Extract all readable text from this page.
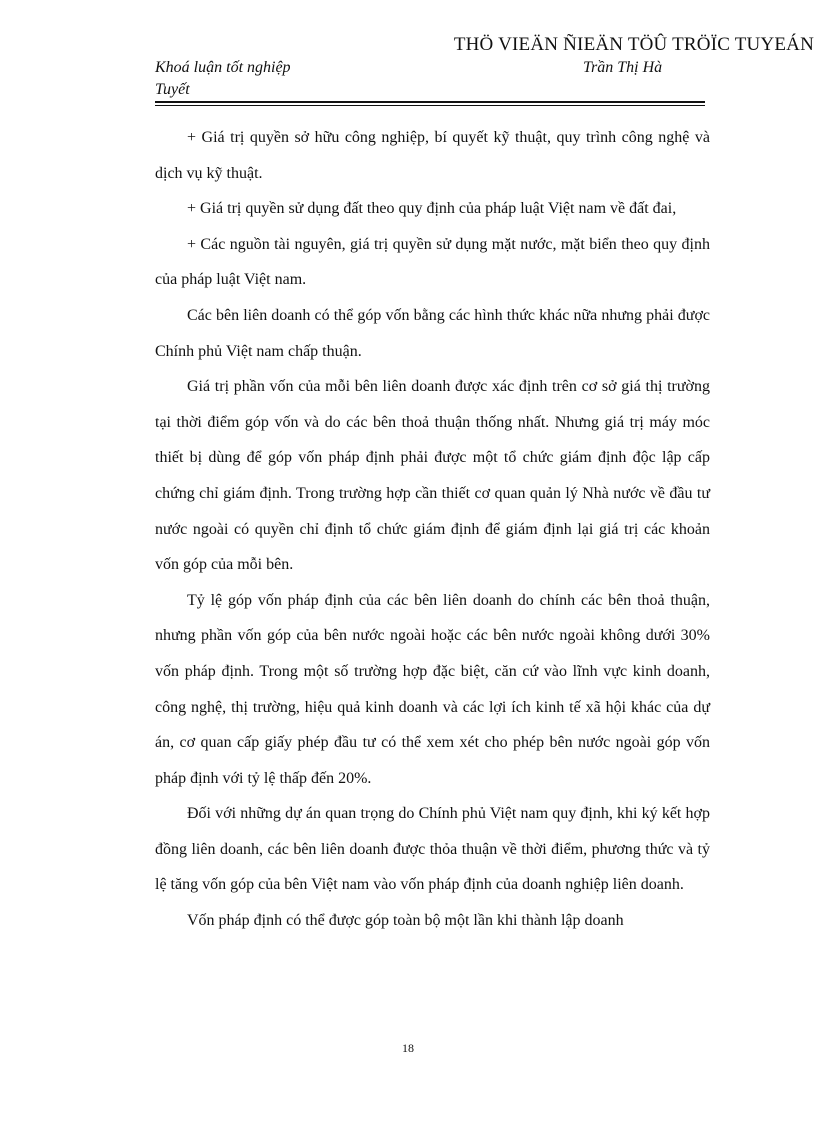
THÖ VIEÄN ÑIEÄN TÖÛ TRÖÏC TUYEÁN
Khoá luận tốt nghiệp
Tuyết
Trần Thị Hà

+ Giá trị quyền sở hữu công nghiệp, bí quyết kỹ thuật, quy trình công nghệ và dịch vụ kỹ thuật.

+ Giá trị quyền sử dụng đất theo quy định của pháp luật Việt nam về đất đai,

+ Các nguồn tài nguyên, giá trị quyền sử dụng mặt nước, mặt biển theo quy định của pháp luật Việt nam.

Các bên liên doanh có thể góp vốn bằng các hình thức khác nữa nhưng phải được Chính phủ Việt nam chấp thuận.

Giá trị phần vốn của mỗi bên liên doanh được xác định trên cơ sở giá thị trường tại thời điểm góp vốn và do các bên thoả thuận thống nhất. Nhưng giá trị máy móc thiết bị dùng để góp vốn pháp định phải được một tổ chức giám định độc lập cấp chứng chỉ giám định. Trong trường hợp cần thiết cơ quan quản lý Nhà nước về đầu tư nước ngoài có quyền chỉ định tổ chức giám định để giám định lại giá trị các khoản vốn góp của mỗi bên.

Tỷ lệ góp vốn pháp định của các bên liên doanh do chính các bên thoả thuận, nhưng phần vốn góp của bên nước ngoài hoặc các bên nước ngoài không dưới 30% vốn pháp định. Trong một số trường hợp đặc biệt, căn cứ vào lĩnh vực kinh doanh, công nghệ, thị trường, hiệu quả kinh doanh và các lợi ích kinh tế xã hội khác của dự án, cơ quan cấp giấy phép đầu tư có thể xem xét cho phép bên nước ngoài góp vốn pháp định với tỷ lệ thấp đến 20%.

Đối với những dự án quan trọng do Chính phủ Việt nam quy định, khi ký kết hợp đồng liên doanh, các bên liên doanh được thỏa thuận về thời điểm, phương thức và tỷ lệ tăng vốn góp của bên Việt nam vào vốn pháp định của doanh nghiệp liên doanh.

Vốn pháp định có thể được góp toàn bộ một lần khi thành lập doanh

18
